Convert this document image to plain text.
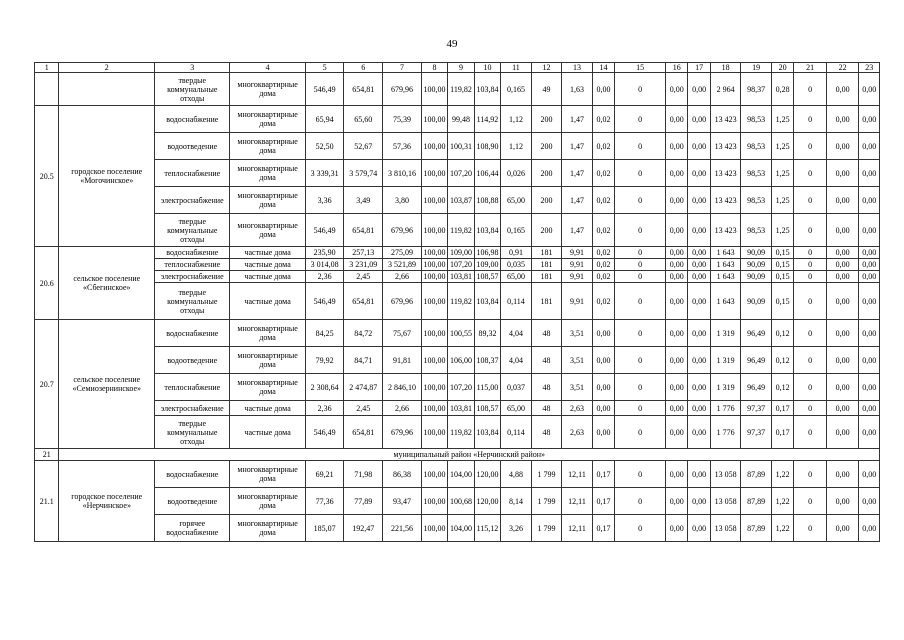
49
1	2	3	4	5	6	7	8	9	10	11	12	13	14	15	16	17	18	19	20	21	22	23
		твердые коммунальные отходы	многоквартирные дома	546,49	654,81	679,96	100,00	119,82	103,84	0,165	49	1,63	0,00	0	0,00	0,00	2 964	98,37	0,28	0	0,00	0,00
20.5	городское поселение «Могочинское»	водоснабжение	многоквартирные дома	65,94	65,60	75,39	100,00	99,48	114,92	1,12	200	1,47	0,02	0	0,00	0,00	13 423	98,53	1,25	0	0,00	0,00
		водоотведение	многоквартирные дома	52,50	52,67	57,36	100,00	100,31	108,90	1,12	200	1,47	0,02	0	0,00	0,00	13 423	98,53	1,25	0	0,00	0,00
		теплоснабжение	многоквартирные дома	3 339,31	3 579,74	3 810,16	100,00	107,20	106,44	0,026	200	1,47	0,02	0	0,00	0,00	13 423	98,53	1,25	0	0,00	0,00
		электроснабжение	многоквартирные дома	3,36	3,49	3,80	100,00	103,87	108,88	65,00	200	1,47	0,02	0	0,00	0,00	13 423	98,53	1,25	0	0,00	0,00
		твердые коммунальные отходы	многоквартирные дома	546,49	654,81	679,96	100,00	119,82	103,84	0,165	200	1,47	0,02	0	0,00	0,00	13 423	98,53	1,25	0	0,00	0,00
20.6	сельское поселение «Сбегинское»	водоснабжение	частные дома	235,90	257,13	275,09	100,00	109,00	106,98	0,91	181	9,91	0,02	0	0,00	0,00	1 643	90,09	0,15	0	0,00	0,00
		теплоснабжение	частные дома	3 014,08	3 231,09	3 521,89	100,00	107,20	109,00	0,035	181	9,91	0,02	0	0,00	0,00	1 643	90,09	0,15	0	0,00	0,00
		электроснабжение	частные дома	2,36	2,45	2,66	100,00	103,81	108,57	65,00	181	9,91	0,02	0	0,00	0,00	1 643	90,09	0,15	0	0,00	0,00
		твердые коммунальные отходы	частные дома	546,49	654,81	679,96	100,00	119,82	103,84	0,114	181	9,91	0,02	0	0,00	0,00	1 643	90,09	0,15	0	0,00	0,00
20.7	сельское поселение «Семиозернинское»	водоснабжение	многоквартирные дома	84,25	84,72	75,67	100,00	100,55	89,32	4,04	48	3,51	0,00	0	0,00	0,00	1 319	96,49	0,12	0	0,00	0,00
		водоотведение	многоквартирные дома	79,92	84,71	91,81	100,00	106,00	108,37	4,04	48	3,51	0,00	0	0,00	0,00	1 319	96,49	0,12	0	0,00	0,00
		теплоснабжение	многоквартирные дома	2 308,64	2 474,87	2 846,10	100,00	107,20	115,00	0,037	48	3,51	0,00	0	0,00	0,00	1 319	96,49	0,12	0	0,00	0,00
		электроснабжение	частные дома	2,36	2,45	2,66	100,00	103,81	108,57	65,00	48	2,63	0,00	0	0,00	0,00	1 776	97,37	0,17	0	0,00	0,00
		твердые коммунальные отходы	частные дома	546,49	654,81	679,96	100,00	119,82	103,84	0,114	48	2,63	0,00	0	0,00	0,00	1 776	97,37	0,17	0	0,00	0,00
21	муниципальный район «Нерчинский район»																					
21.1	городское поселение «Нерчинское»	водоснабжение	многоквартирные дома	69,21	71,98	86,38	100,00	104,00	120,00	4,88	1 799	12,11	0,17	0	0,00	0,00	13 058	87,89	1,22	0	0,00	0,00
		водоотведение	многоквартирные дома	77,36	77,89	93,47	100,00	100,68	120,00	8,14	1 799	12,11	0,17	0	0,00	0,00	13 058	87,89	1,22	0	0,00	0,00
		горячее водоснабжение	многоквартирные дома	185,07	192,47	221,56	100,00	104,00	115,12	3,26	1 799	12,11	0,17	0	0,00	0,00	13 058	87,89	1,22	0	0,00	0,00
